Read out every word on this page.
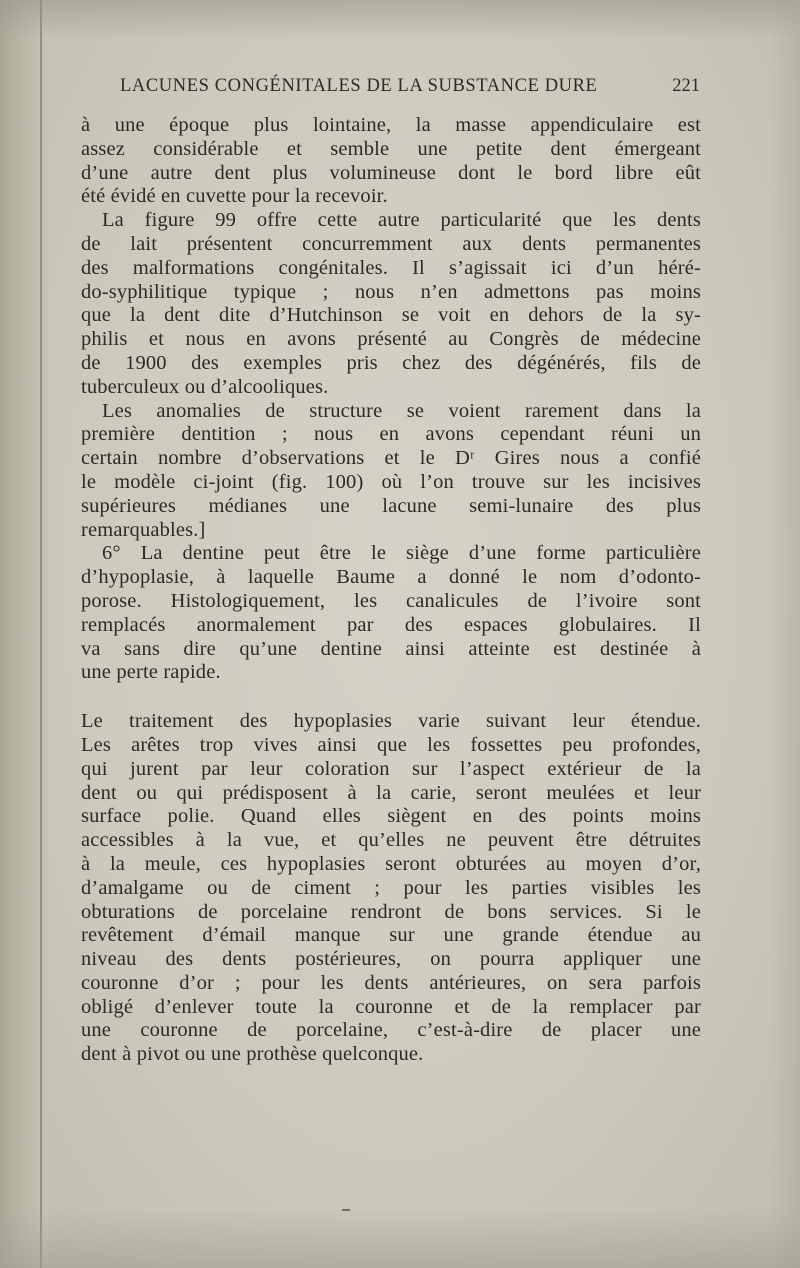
LACUNES CONGÉNITALES DE LA SUBSTANCE DURE	221
à une époque plus lointaine, la masse appendiculaire est
assez considérable et semble une petite dent émergeant
d’une autre dent plus volumineuse dont le bord libre eût
été évidé en cuvette pour la recevoir.
La figure 99 offre cette autre particularité que les dents
de lait présentent concurremment aux dents permanentes
des malformations congénitales. Il s’agissait ici d’un héré-
do-syphilitique typique ; nous n’en admettons pas moins
que la dent dite d’Hutchinson se voit en dehors de la sy-
philis et nous en avons présenté au Congrès de médecine
de 1900 des exemples pris chez des dégénérés, fils de
tuberculeux ou d’alcooliques.
Les anomalies de structure se voient rarement dans la
première dentition ; nous en avons cependant réuni un
certain nombre d’observations et le Dʳ Gires nous a confié
le modèle ci-joint (fig. 100) où l’on trouve sur les incisives
supérieures médianes une lacune semi-lunaire des plus
remarquables.]
6° La dentine peut être le siège d’une forme particulière
d’hypoplasie, à laquelle Baume a donné le nom d’odonto-
porose. Histologiquement, les canalicules de l’ivoire sont
remplacés anormalement par des espaces globulaires. Il
va sans dire qu’une dentine ainsi atteinte est destinée à
une perte rapide.
Le traitement des hypoplasies varie suivant leur étendue.
Les arêtes trop vives ainsi que les fossettes peu profondes,
qui jurent par leur coloration sur l’aspect extérieur de la
dent ou qui prédisposent à la carie, seront meulées et leur
surface polie. Quand elles siègent en des points moins
accessibles à la vue, et qu’elles ne peuvent être détruites
à la meule, ces hypoplasies seront obturées au moyen d’or,
d’amalgame ou de ciment ; pour les parties visibles les
obturations de porcelaine rendront de bons services. Si le
revêtement d’émail manque sur une grande étendue au
niveau des dents postérieures, on pourra appliquer une
couronne d’or ; pour les dents antérieures, on sera parfois
obligé d’enlever toute la couronne et de la remplacer par
une couronne de porcelaine, c’est-à-dire de placer une
dent à pivot ou une prothèse quelconque.
